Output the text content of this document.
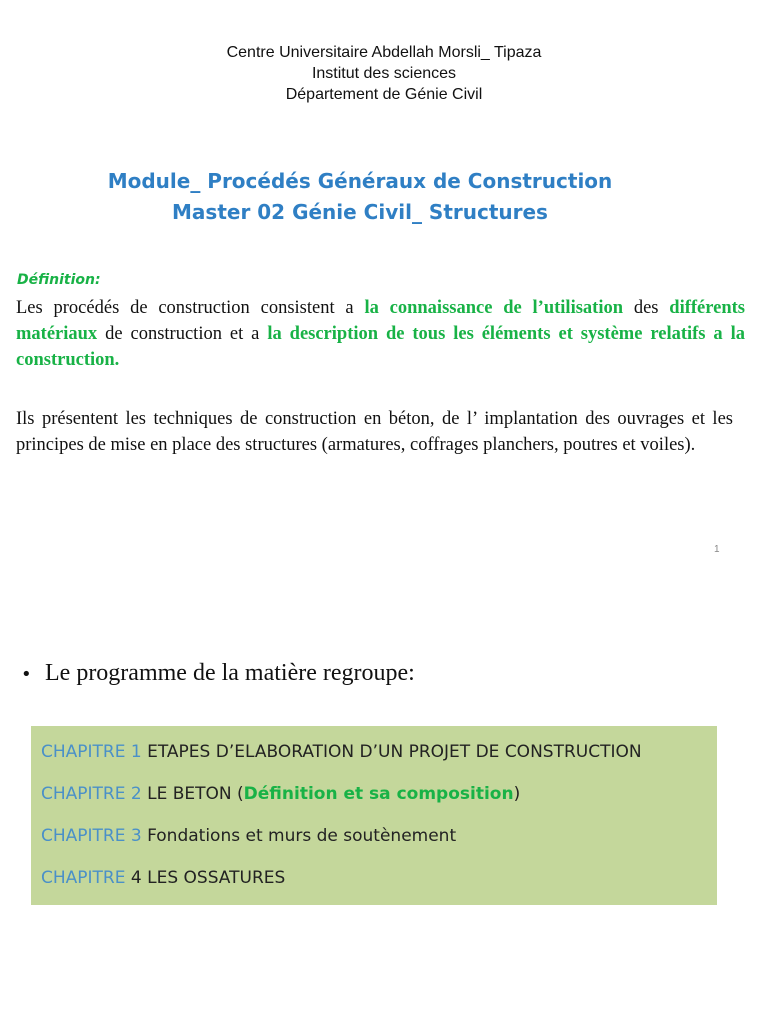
Centre Universitaire Abdellah Morsli_ Tipaza
Institut des sciences
Département de Génie Civil
Module_ Procédés Généraux de Construction
Master 02 Génie Civil_ Structures
Définition:
Les procédés de construction consistent a la connaissance de l’utilisation des différents matériaux de construction et a la description de tous les éléments et système relatifs a la construction.
Ils présentent les techniques de construction en béton, de l’ implantation des ouvrages et les principes de mise en place des structures (armatures, coffrages planchers, poutres et voiles).
1
• Le programme de la matière regroupe:
CHAPITRE 1 ETAPES D’ELABORATION D’UN PROJET DE CONSTRUCTION
CHAPITRE 2 LE BETON (Définition et sa composition)
CHAPITRE 3 Fondations et murs de soutènement
CHAPITRE 4 LES OSSATURES
